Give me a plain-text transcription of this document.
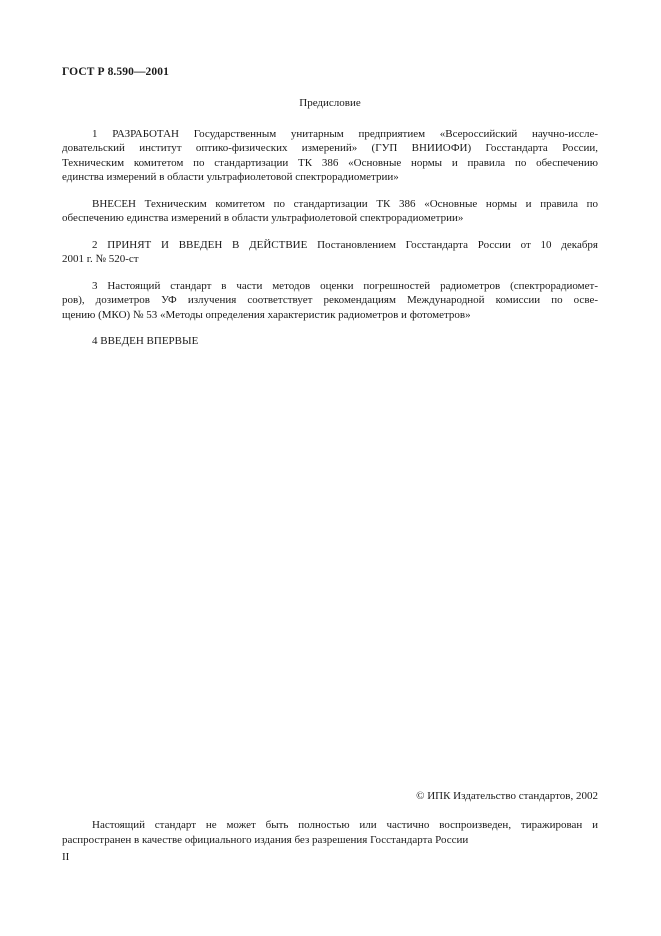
ГОСТ Р 8.590—2001
Предисловие
1 РАЗРАБОТАН Государственным унитарным предприятием «Всероссийский научно-иссле-
довательский институт оптико-физических измерений» (ГУП ВНИИОФИ) Госстандарта России,
Техническим комитетом по стандартизации ТК 386 «Основные нормы и правила по обеспечению
единства измерений в области ультрафиолетовой спектрорадиометрии»
ВНЕСЕН Техническим комитетом по стандартизации ТК 386 «Основные нормы и правила по
обеспечению единства измерений в области ультрафиолетовой спектрорадиометрии»
2 ПРИНЯТ И ВВЕДЕН В ДЕЙСТВИЕ Постановлением Госстандарта России от 10 декабря
2001 г. № 520-ст
3 Настоящий стандарт в части методов оценки погрешностей радиометров (спектрорадиомет-
ров), дозиметров УФ излучения соответствует рекомендациям Международной комиссии по осве-
щению (МКО) № 53 «Методы определения характеристик радиометров и фотометров»
4 ВВЕДЕН ВПЕРВЫЕ
© ИПК Издательство стандартов, 2002
Настоящий стандарт не может быть полностью или частично воспроизведен, тиражирован и
распространен в качестве официального издания без разрешения Госстандарта России
II
